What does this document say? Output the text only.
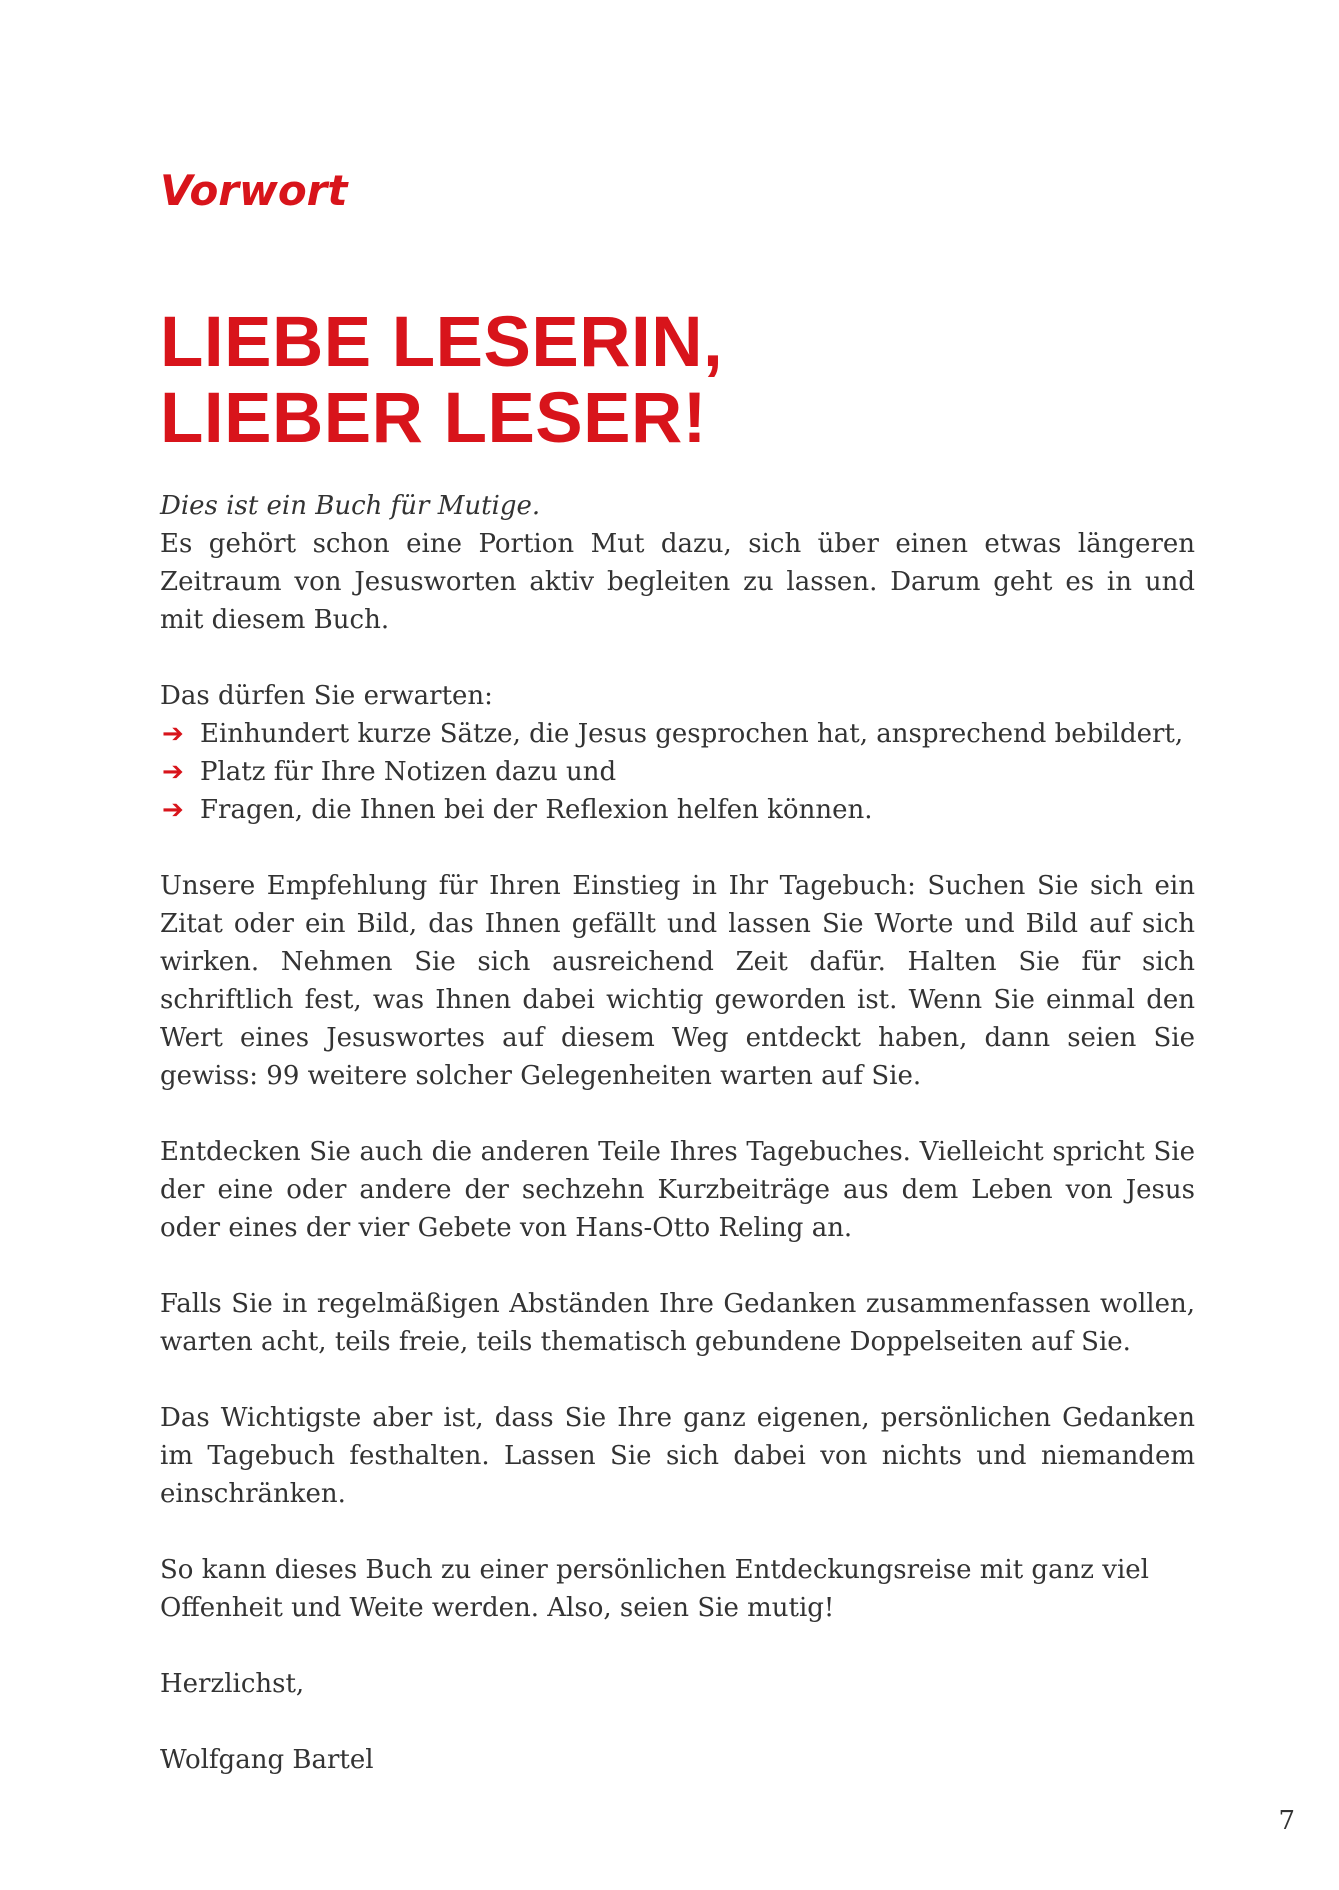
Vorwort
LIEBE LESERIN,
LIEBER LESER!

Dies ist ein Buch für Mutige.
Es gehört schon eine Portion Mut dazu, sich über einen etwas längeren Zeitraum von Jesusworten aktiv begleiten zu lassen. Darum geht es in und mit diesem Buch.

Das dürfen Sie erwarten:
➔ Einhundert kurze Sätze, die Jesus gesprochen hat, ansprechend bebildert,
➔ Platz für Ihre Notizen dazu und
➔ Fragen, die Ihnen bei der Reflexion helfen können.

Unsere Empfehlung für Ihren Einstieg in Ihr Tagebuch: Suchen Sie sich ein Zitat oder ein Bild, das Ihnen gefällt und lassen Sie Worte und Bild auf sich wirken. Nehmen Sie sich ausreichend Zeit dafür. Halten Sie für sich schriftlich fest, was Ihnen dabei wichtig geworden ist. Wenn Sie einmal den Wert eines Jesuswortes auf diesem Weg entdeckt haben, dann seien Sie gewiss: 99 weitere solcher Gelegenheiten warten auf Sie.

Entdecken Sie auch die anderen Teile Ihres Tagebuches. Vielleicht spricht Sie der eine oder andere der sechzehn Kurzbeiträge aus dem Leben von Jesus oder eines der vier Gebete von Hans-Otto Reling an.

Falls Sie in regelmäßigen Abständen Ihre Gedanken zusammenfassen wollen, warten acht, teils freie, teils thematisch gebundene Doppelseiten auf Sie.

Das Wichtigste aber ist, dass Sie Ihre ganz eigenen, persönlichen Gedanken im Tagebuch festhalten. Lassen Sie sich dabei von nichts und niemandem einschränken.

So kann dieses Buch zu einer persönlichen Entdeckungsreise mit ganz viel Offenheit und Weite werden. Also, seien Sie mutig!

Herzlichst,

Wolfgang Bartel

7
